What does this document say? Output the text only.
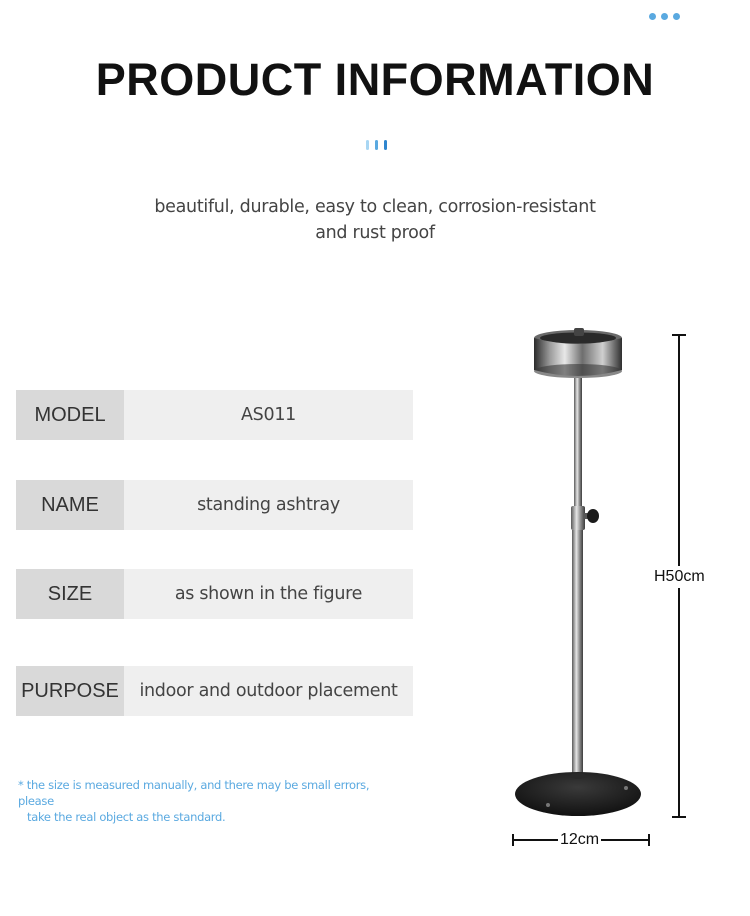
PRODUCT INFORMATION
beautiful, durable, easy to clean, corrosion-resistant
and rust proof
MODEL	AS011
NAME	standing ashtray
SIZE	as shown in the figure
PURPOSE	indoor and outdoor placement
* the size is measured manually, and there may be small errors, please
take the real object as the standard.
H50cm
12cm
